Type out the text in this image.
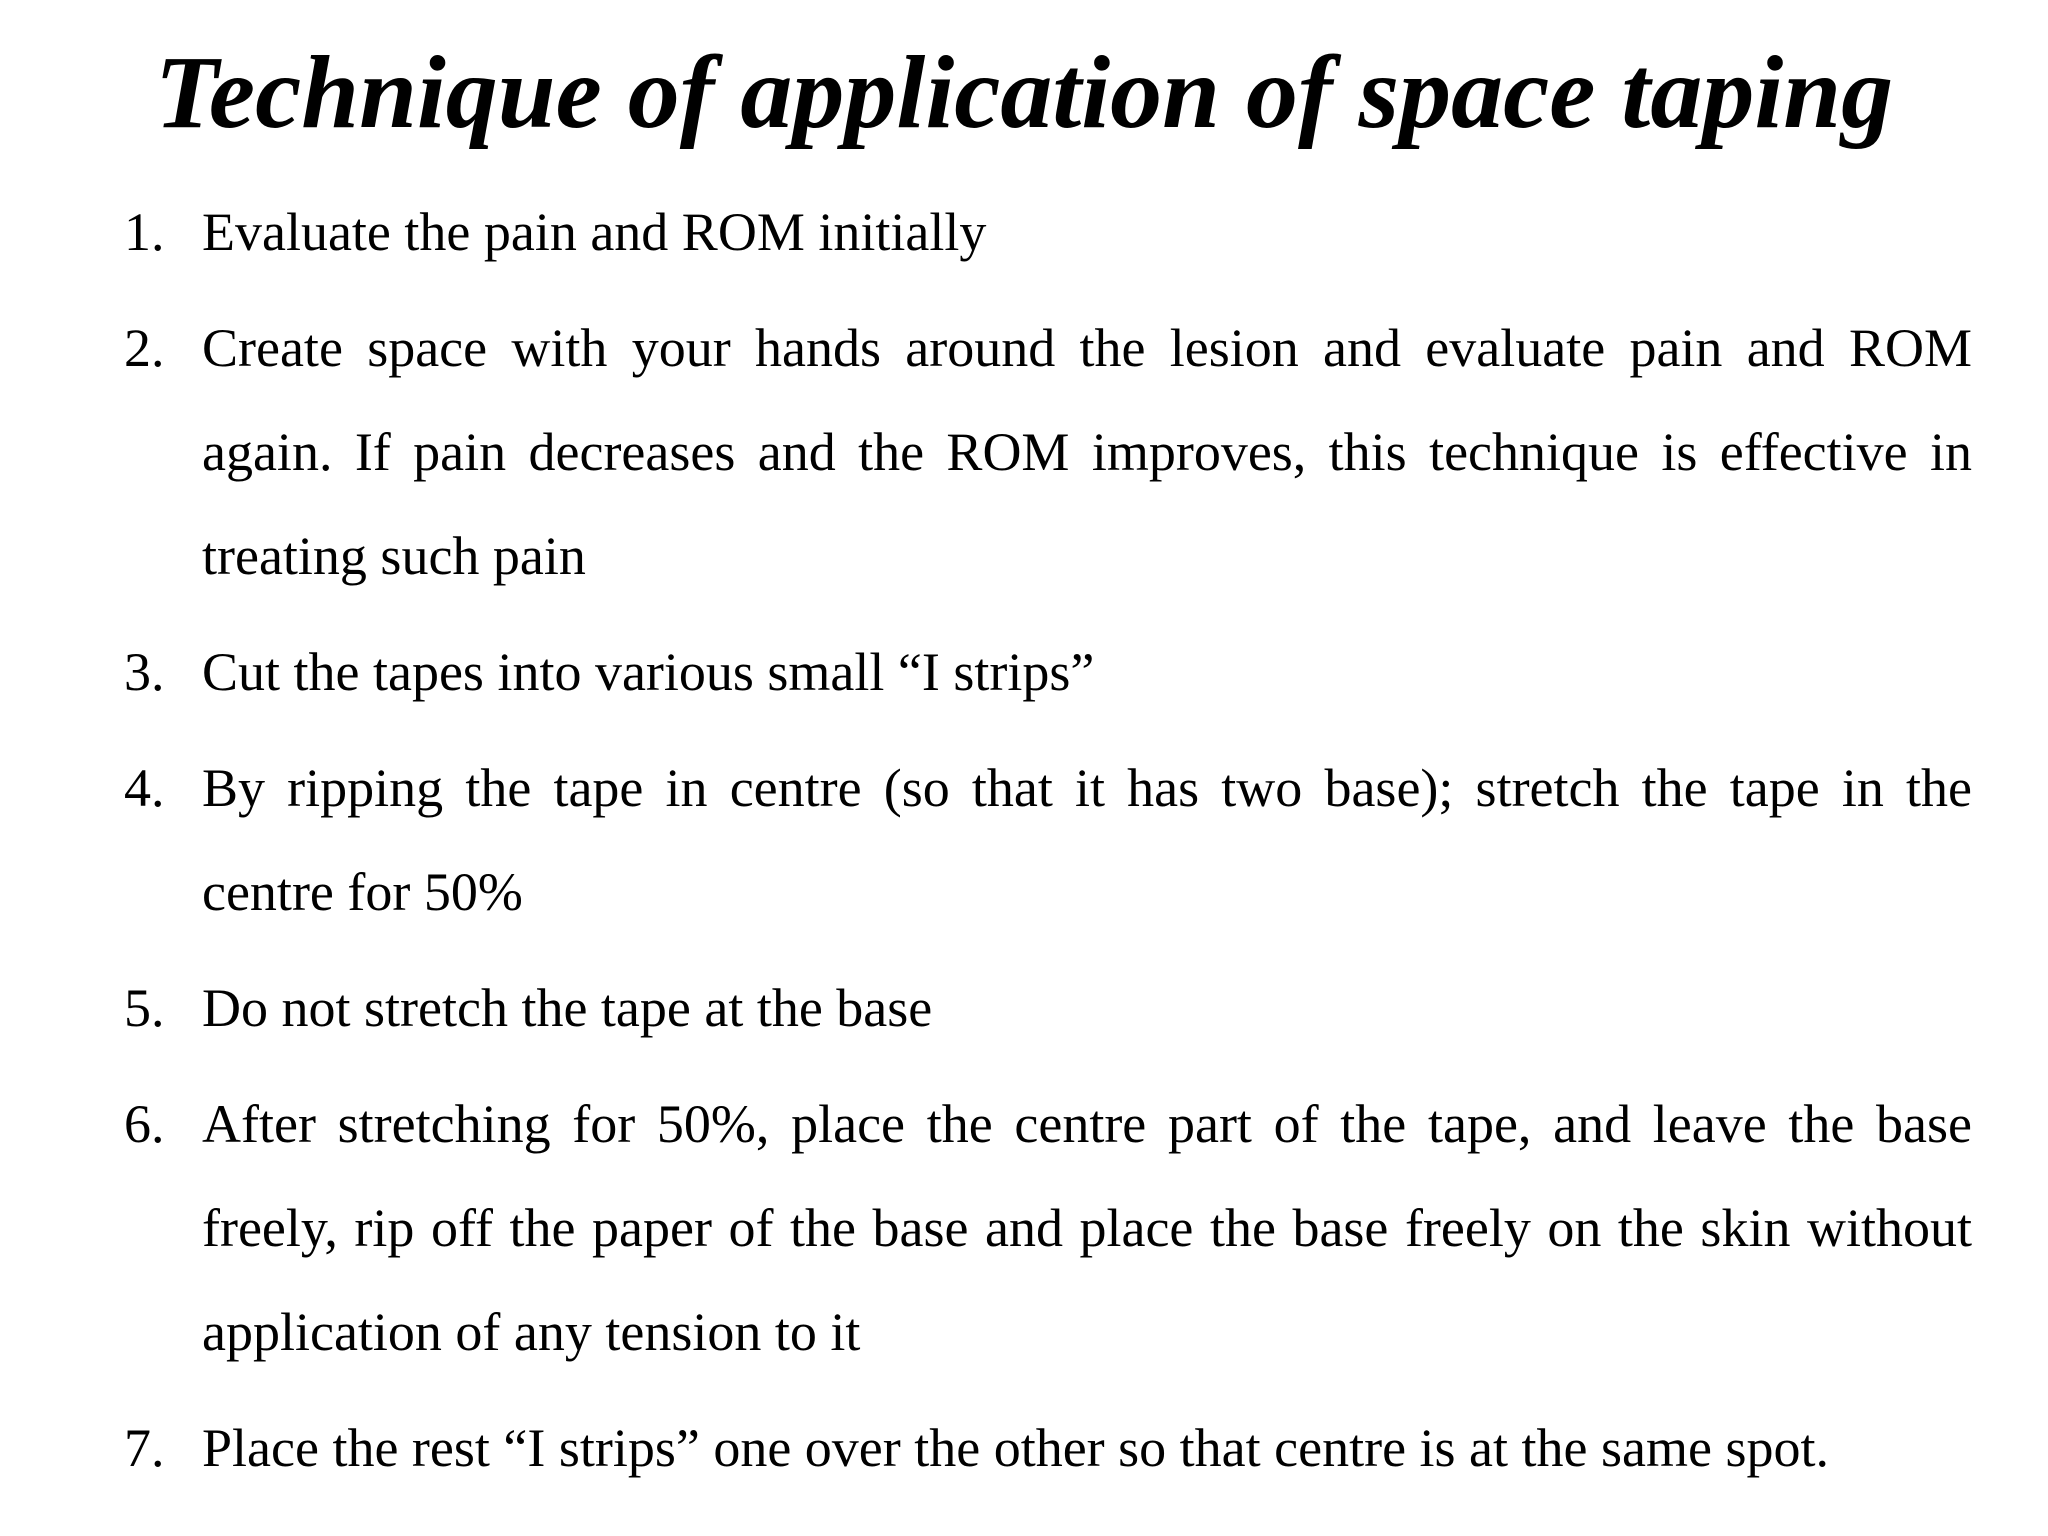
Technique of application of space taping
1. Evaluate the pain and ROM initially
2. Create space with your hands around the lesion and evaluate pain and ROM again. If pain decreases and the ROM improves, this technique is effective in treating such pain
3. Cut the tapes into various small “I strips”
4. By ripping the tape in centre (so that it has two base); stretch the tape in the centre for 50%
5. Do not stretch the tape at the base
6. After stretching for 50%, place the centre part of the tape, and leave the base freely, rip off the paper of the base and place the base freely on the skin without application of any tension to it
7. Place the rest “I strips” one over the other so that centre is at the same spot.
